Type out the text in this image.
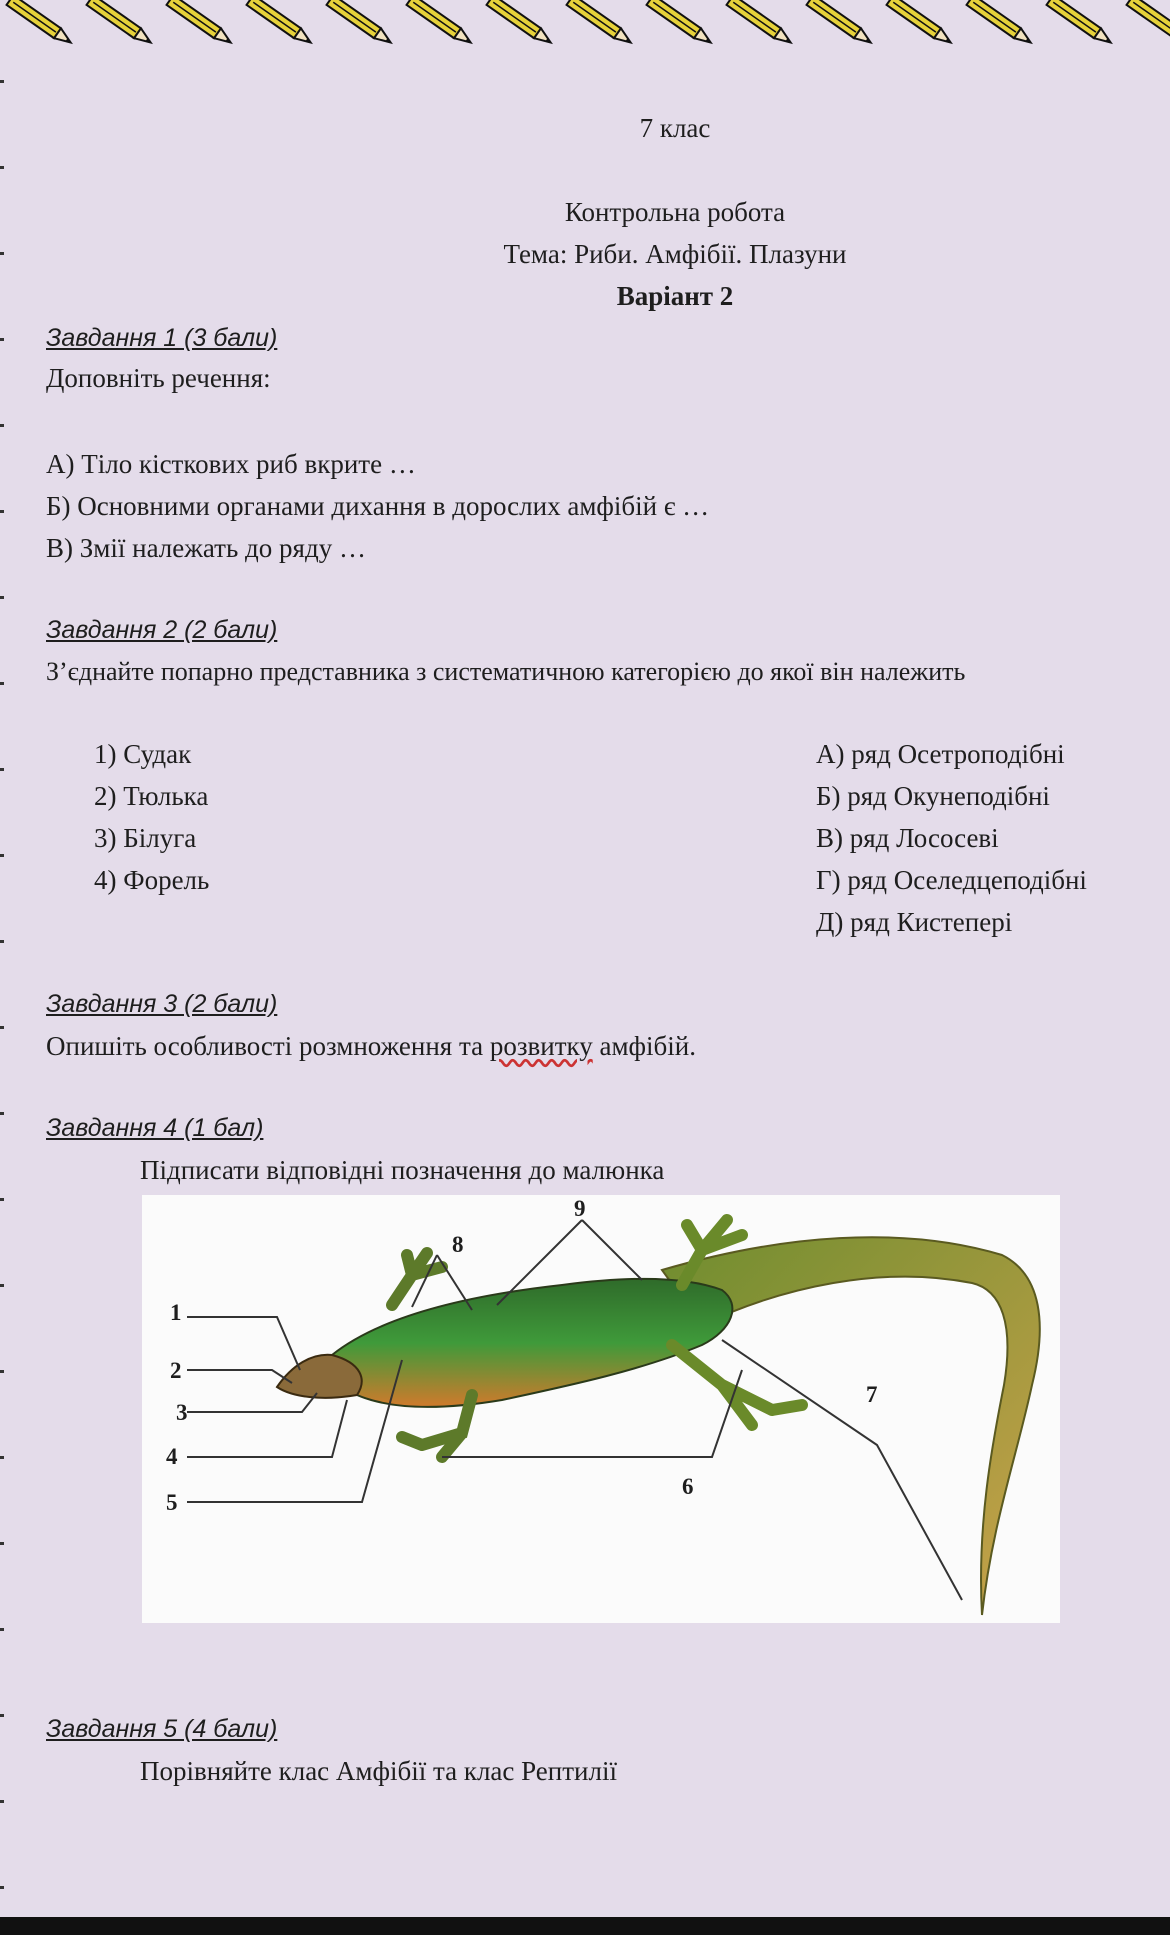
7 клас
Контрольна робота
Тема: Риби. Амфібії. Плазуни
Варіант 2
Завдання 1 (3 бали)
Доповніть речення:
А) Тіло кісткових риб вкрите …
Б) Основними органами дихання в дорослих амфібій є …
В) Змії належать до ряду …
Завдання 2 (2 бали)
З’єднайте попарно представника з систематичною категорією до якої він належить
1) Судак
2) Тюлька
3) Білуга
4) Форель
А) ряд Осетроподібні
Б) ряд Окунеподібні
В) ряд Лососеві
Г) ряд Оселедцеподібні
Д) ряд Кистепері
Завдання 3 (2 бали)
Опишіть особливості розмноження та розвитку амфібій.
Завдання 4 (1 бал)
Підписати відповідні позначення до малюнка
1
2
3
4
5
6
7
8
9
Завдання 5 (4 бали)
Порівняйте клас Амфібії та клас Рептилії
